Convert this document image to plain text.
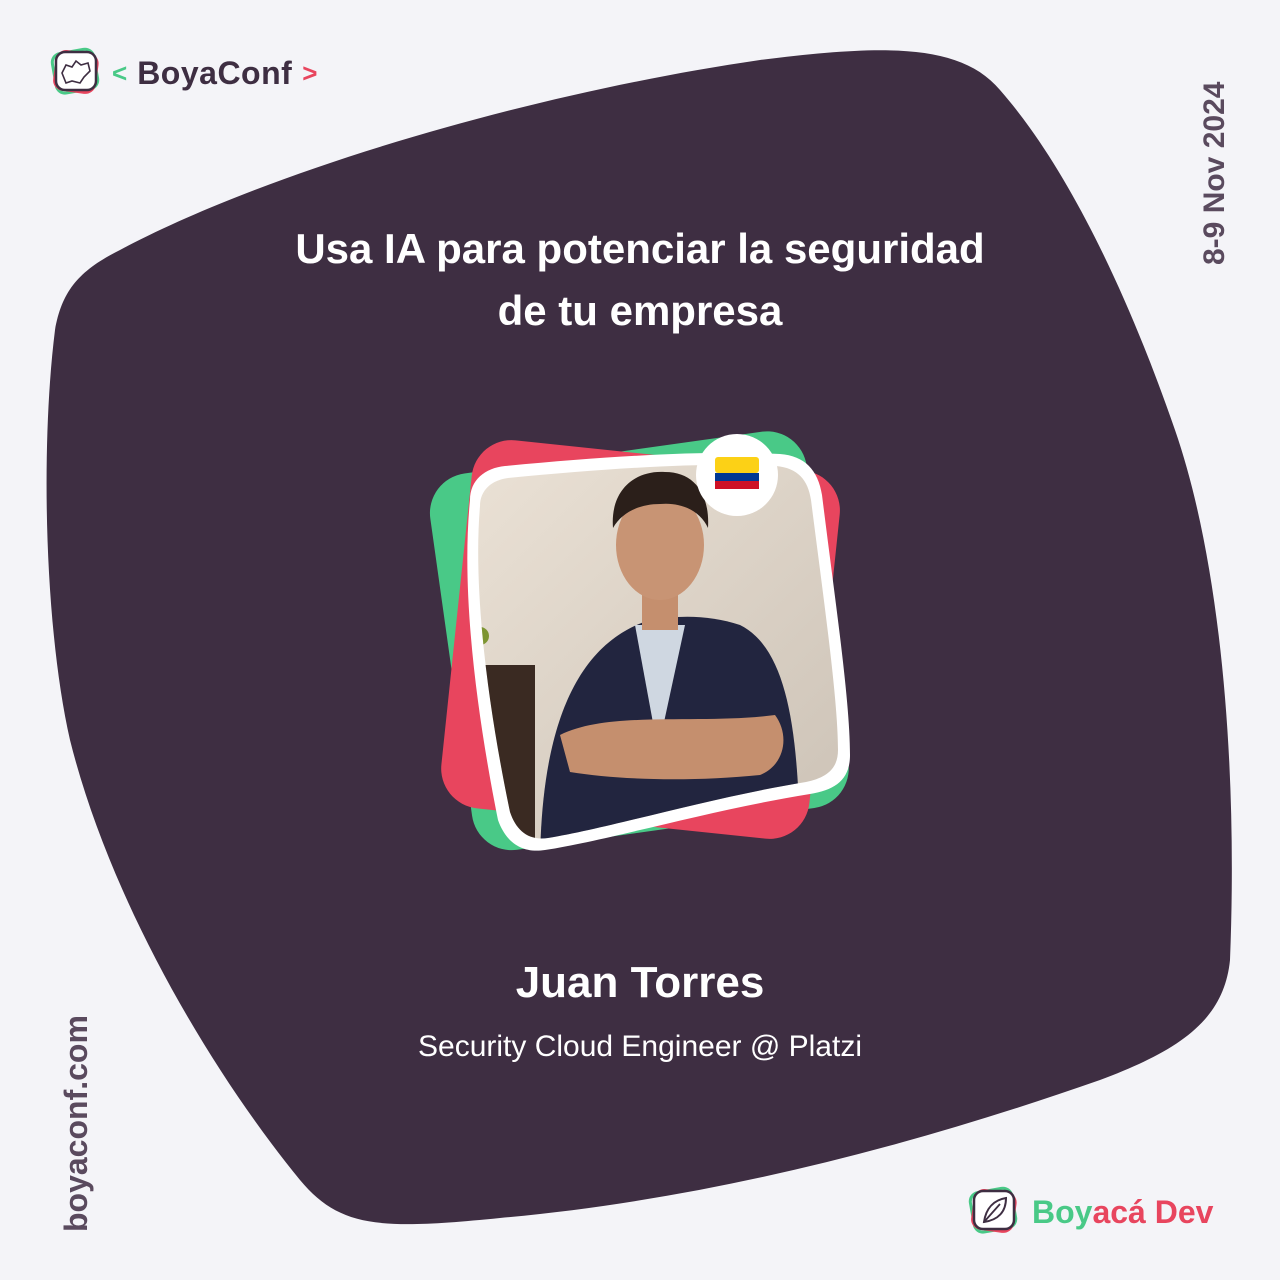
< BoyaConf >
8-9 Nov 2024
boyaconf.com
Usa IA para potenciar la seguridad
de tu empresa
Juan Torres
Security Cloud Engineer @ Platzi
Boyacá Dev
